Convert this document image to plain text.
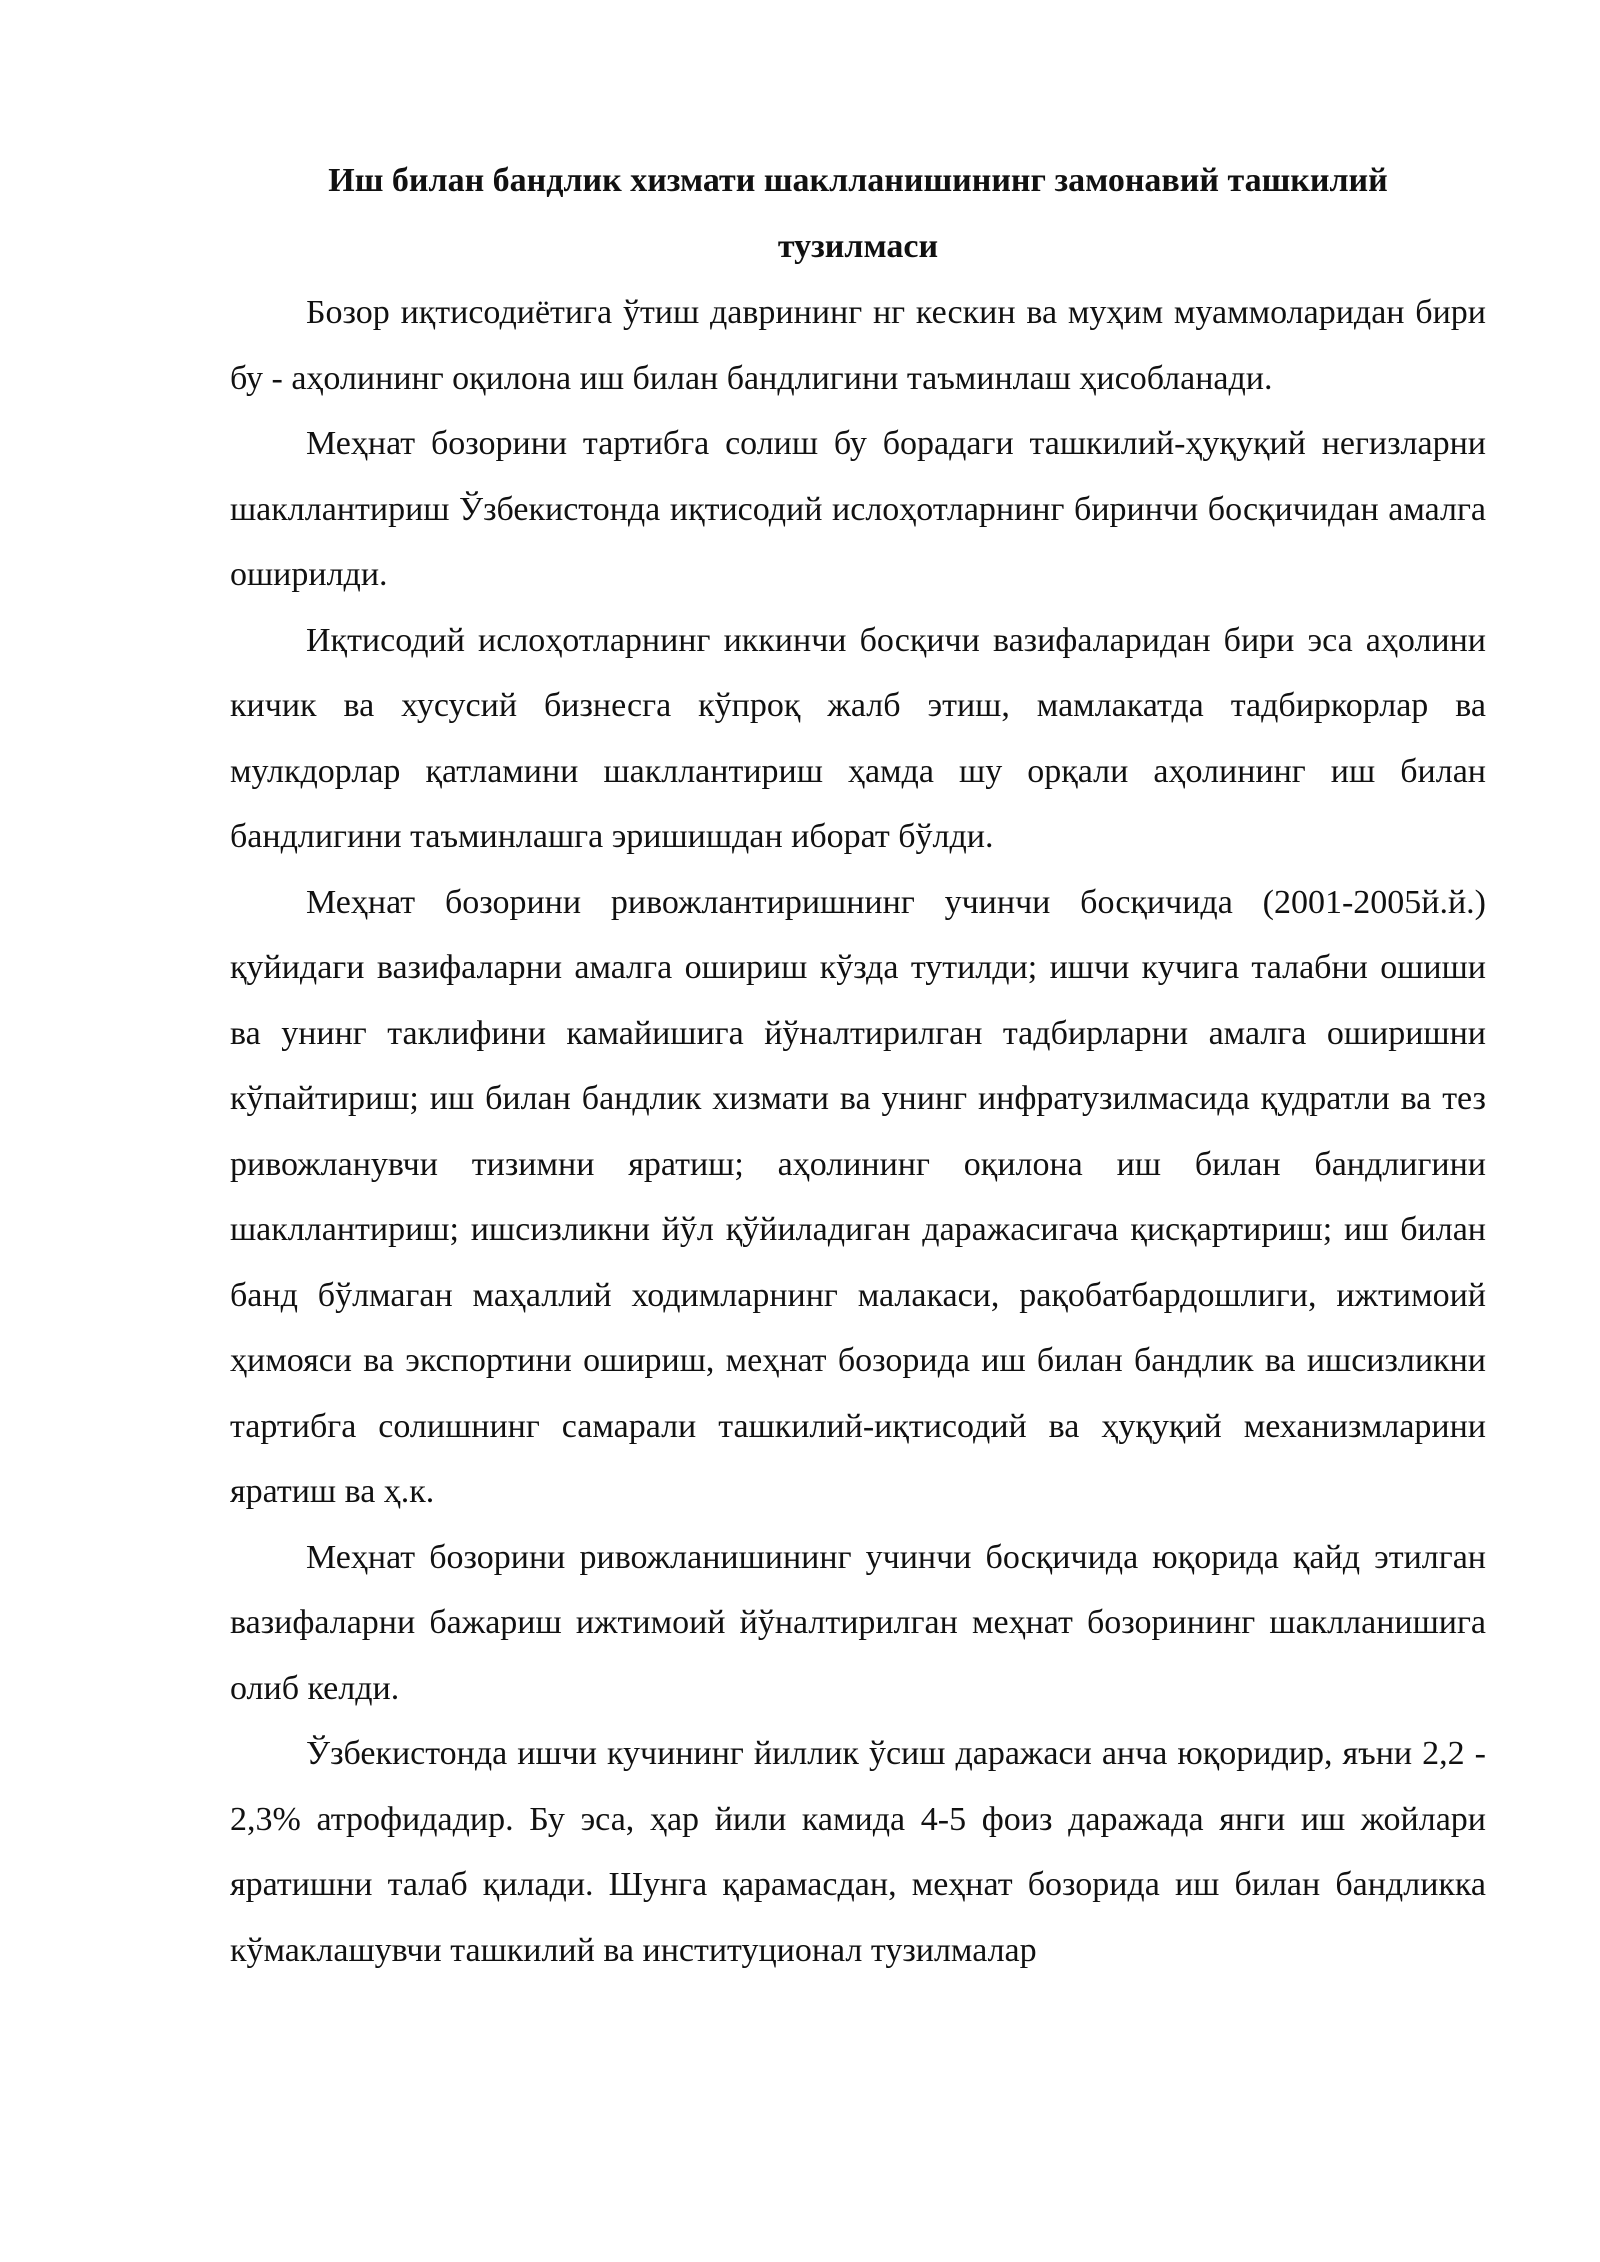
Иш билан бандлик хизмати шаклланишининг замонавий ташкилий
тузилмаси

Бозор иқтисодиётига ўтиш даврининг нг кескин ва муҳим муаммоларидан бири бу - аҳолининг оқилона иш билан бандлигини таъминлаш ҳисобланади.

Меҳнат бозорини тартибга солиш бу борадаги ташкилий-ҳуқуқий негизларни шакллантириш Ўзбекистонда иқтисодий ислоҳотларнинг биринчи босқичидан амалга оширилди.

Иқтисодий ислоҳотларнинг иккинчи босқичи вазифаларидан бири эса аҳолини кичик ва хусусий бизнесга кўпроқ жалб этиш, мамлакатда тадбиркорлар ва мулкдорлар қатламини шакллантириш ҳамда шу орқали аҳолининг иш билан бандлигини таъминлашга эришишдан иборат бўлди.

Меҳнат бозорини ривожлантиришнинг учинчи босқичида (2001-2005й.й.) қуйидаги вазифаларни амалга ошириш кўзда тутилди; ишчи кучига талабни ошиши ва унинг таклифини камайишига йўналтирилган тадбирларни амалга оширишни кўпайтириш; иш билан бандлик хизмати ва унинг инфратузилмасида қудратли ва тез ривожланувчи тизимни яратиш; аҳолининг оқилона иш билан бандлигини шакллантириш; ишсизликни йўл қўйиладиган даражасигача қисқартириш; иш билан банд бўлмаган маҳаллий ходимларнинг малакаси, рақобатбардошлиги, ижтимоий ҳимояси ва экспортини ошириш, меҳнат бозорида иш билан бандлик ва ишсизликни тартибга солишнинг самарали ташкилий-иқтисодий ва ҳуқуқий механизмларини яратиш ва ҳ.к.

Меҳнат бозорини ривожланишининг учинчи босқичида юқорида қайд этилган вазифаларни бажариш ижтимоий йўналтирилган меҳнат бозорининг шаклланишига олиб келди.

Ўзбекистонда ишчи кучининг йиллик ўсиш даражаси анча юқоридир, яъни 2,2 - 2,3% атрофидадир. Бу эса, ҳар йили камида 4-5 фоиз даражада янги иш жойлари яратишни талаб қилади. Шунга қарамасдан, меҳнат бозорида иш билан бандликка кўмаклашувчи ташкилий ва институционал тузилмалар
